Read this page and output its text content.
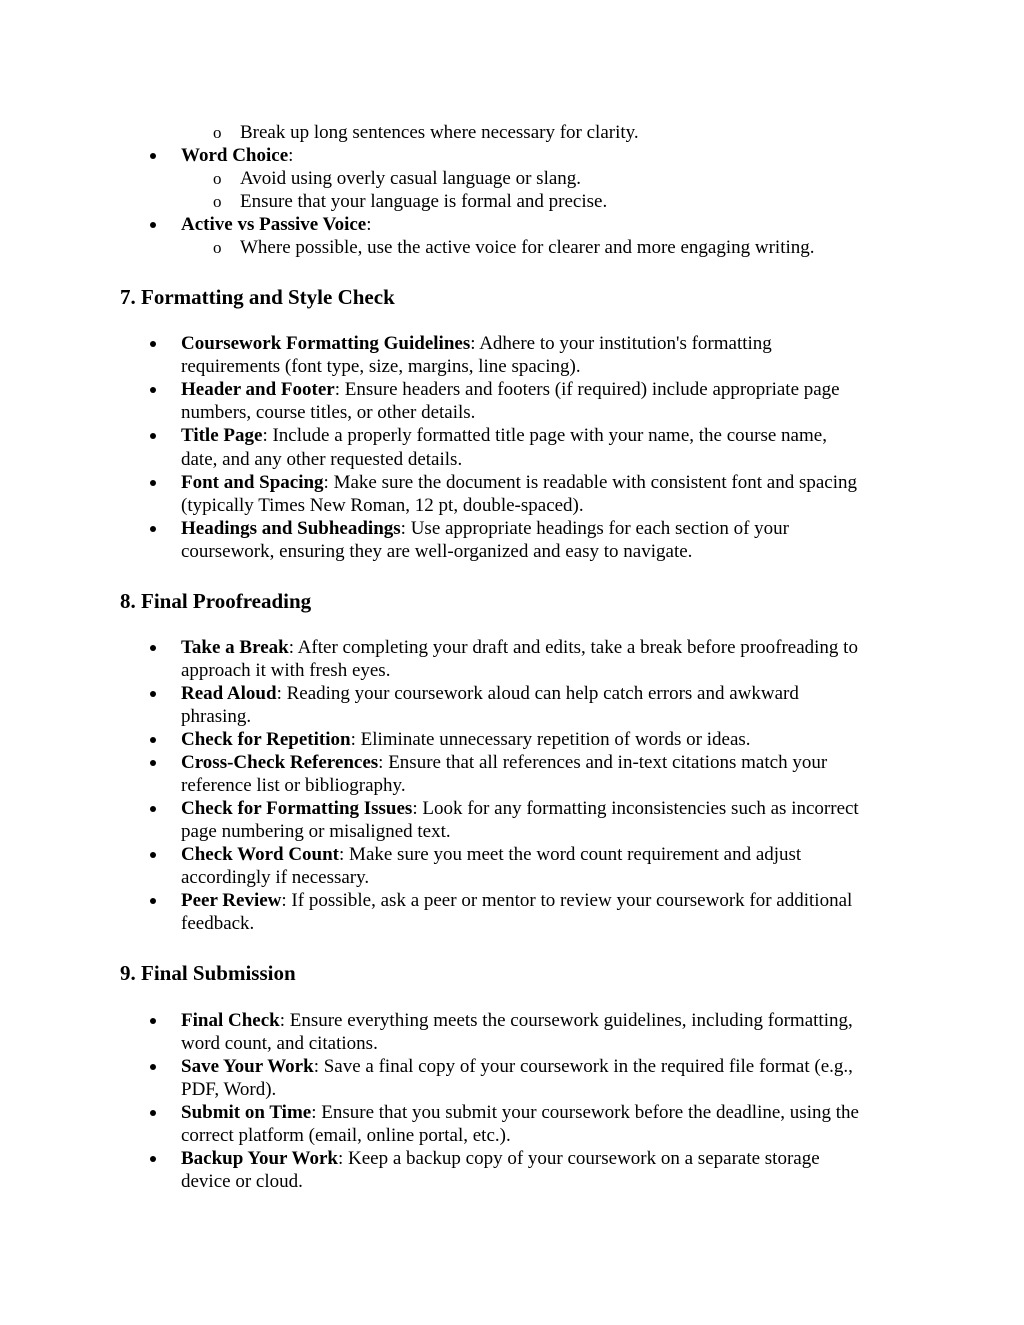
o Break up long sentences where necessary for clarity.
Word Choice:
o Avoid using overly casual language or slang.
o Ensure that your language is formal and precise.
Active vs Passive Voice:
o Where possible, use the active voice for clearer and more engaging writing.
7. Formatting and Style Check
Coursework Formatting Guidelines: Adhere to your institution's formatting
requirements (font type, size, margins, line spacing).
Header and Footer: Ensure headers and footers (if required) include appropriate page
numbers, course titles, or other details.
Title Page: Include a properly formatted title page with your name, the course name,
date, and any other requested details.
Font and Spacing: Make sure the document is readable with consistent font and spacing
(typically Times New Roman, 12 pt, double-spaced).
Headings and Subheadings: Use appropriate headings for each section of your
coursework, ensuring they are well-organized and easy to navigate.
8. Final Proofreading
Take a Break: After completing your draft and edits, take a break before proofreading to
approach it with fresh eyes.
Read Aloud: Reading your coursework aloud can help catch errors and awkward
phrasing.
Check for Repetition: Eliminate unnecessary repetition of words or ideas.
Cross-Check References: Ensure that all references and in-text citations match your
reference list or bibliography.
Check for Formatting Issues: Look for any formatting inconsistencies such as incorrect
page numbering or misaligned text.
Check Word Count: Make sure you meet the word count requirement and adjust
accordingly if necessary.
Peer Review: If possible, ask a peer or mentor to review your coursework for additional
feedback.
9. Final Submission
Final Check: Ensure everything meets the coursework guidelines, including formatting,
word count, and citations.
Save Your Work: Save a final copy of your coursework in the required file format (e.g.,
PDF, Word).
Submit on Time: Ensure that you submit your coursework before the deadline, using the
correct platform (email, online portal, etc.).
Backup Your Work: Keep a backup copy of your coursework on a separate storage
device or cloud.
